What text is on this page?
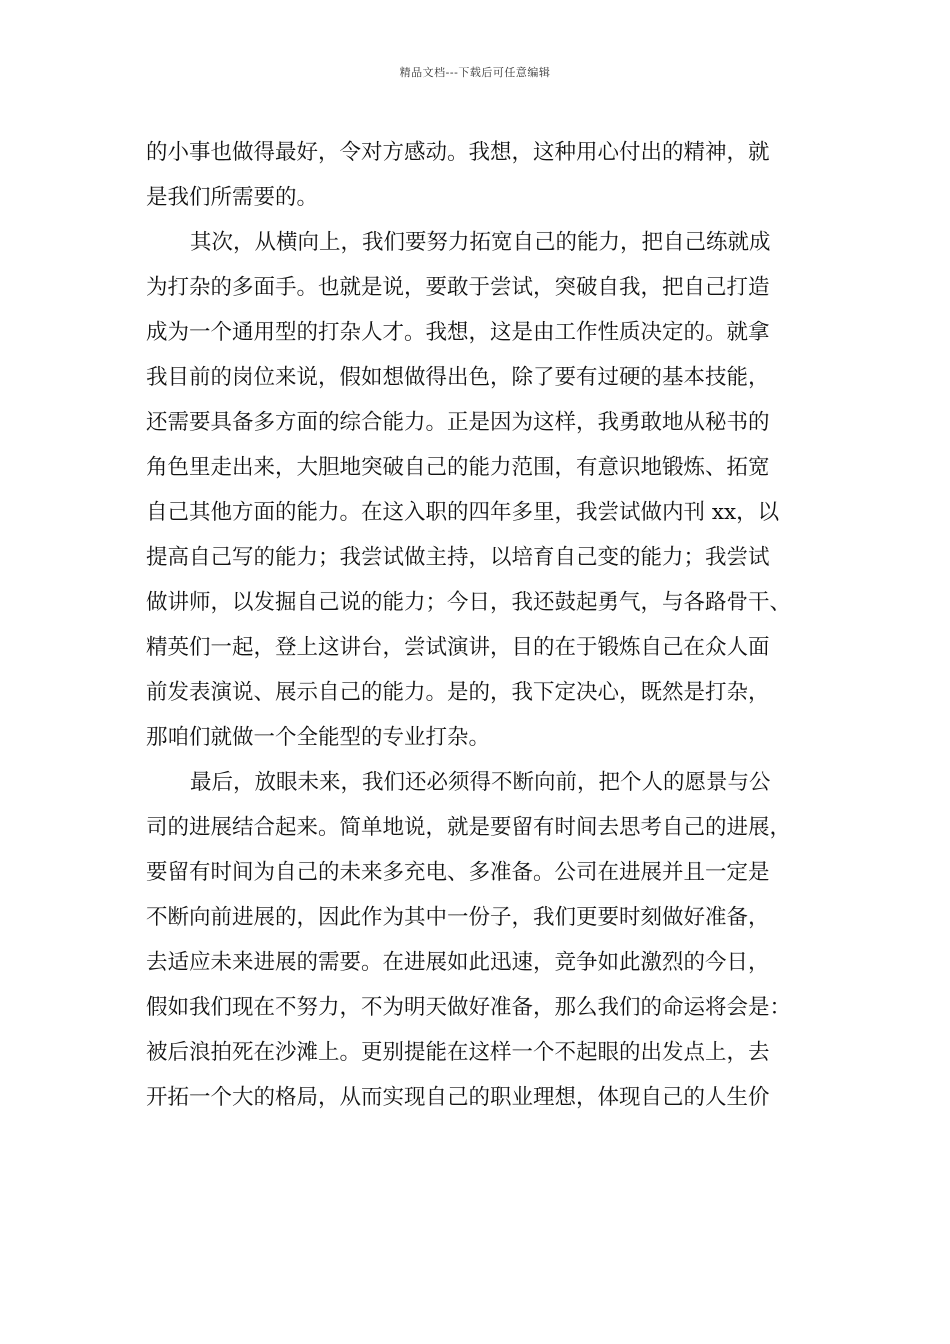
精品文档---下载后可任意编辑
的小事也做得最好，令对方感动。我想，这种用心付出的精神，就
是我们所需要的。
其次，从横向上，我们要努力拓宽自己的能力，把自己练就成
为打杂的多面手。也就是说，要敢于尝试，突破自我，把自己打造
成为一个通用型的打杂人才。我想，这是由工作性质决定的。就拿
我目前的岗位来说，假如想做得出色，除了要有过硬的基本技能，
还需要具备多方面的综合能力。正是因为这样，我勇敢地从秘书的
角色里走出来，大胆地突破自己的能力范围，有意识地锻炼、拓宽
自己其他方面的能力。在这入职的四年多里，我尝试做内刊 xx，以
提高自己写的能力；我尝试做主持，以培育自己变的能力；我尝试
做讲师，以发掘自己说的能力；今日，我还鼓起勇气，与各路骨干、
精英们一起，登上这讲台，尝试演讲，目的在于锻炼自己在众人面
前发表演说、展示自己的能力。是的，我下定决心，既然是打杂，
那咱们就做一个全能型的专业打杂。
最后，放眼未来，我们还必须得不断向前，把个人的愿景与公
司的进展结合起来。简单地说，就是要留有时间去思考自己的进展，
要留有时间为自己的未来多充电、多准备。公司在进展并且一定是
不断向前进展的，因此作为其中一份子，我们更要时刻做好准备，
去适应未来进展的需要。在进展如此迅速，竞争如此激烈的今日，
假如我们现在不努力，不为明天做好准备，那么我们的命运将会是：
被后浪拍死在沙滩上。更别提能在这样一个不起眼的出发点上，去
开拓一个大的格局，从而实现自己的职业理想，体现自己的人生价
